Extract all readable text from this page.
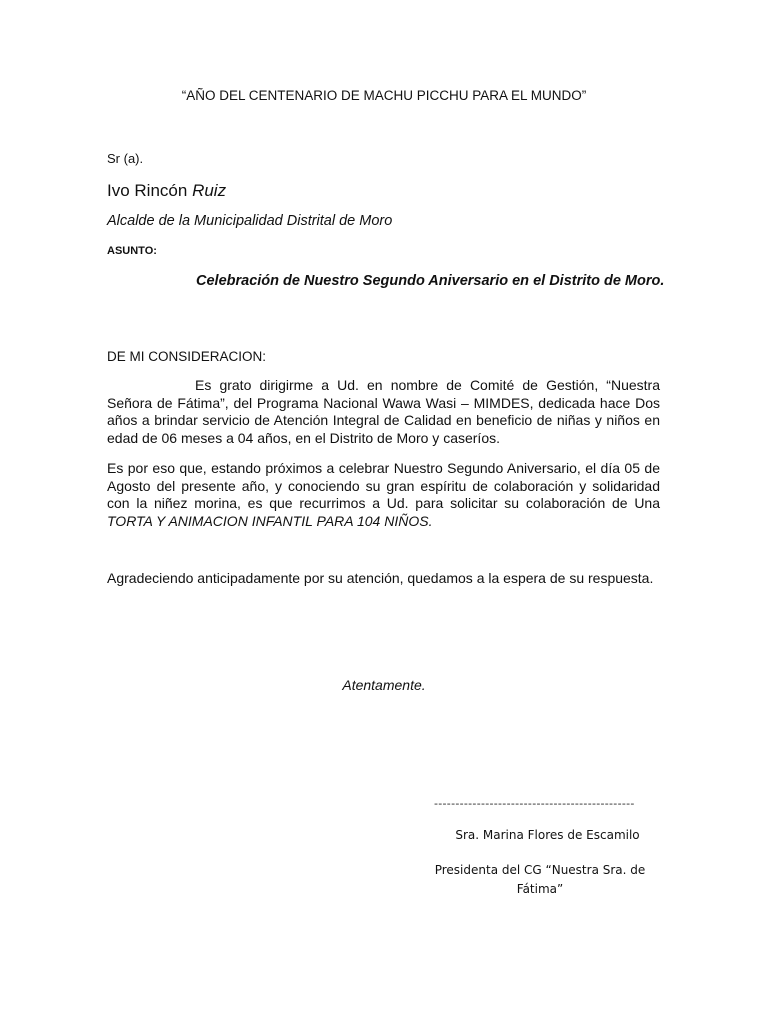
“AÑO DEL CENTENARIO DE MACHU PICCHU PARA EL MUNDO”

Sr (a).

Ivo Rincón Ruiz

Alcalde de la Municipalidad Distrital de Moro

ASUNTO:

Celebración de Nuestro Segundo Aniversario en el Distrito de Moro.

DE MI CONSIDERACION:

Es grato dirigirme a Ud. en nombre de Comité de Gestión, “Nuestra Señora de Fátima”, del Programa Nacional Wawa Wasi – MIMDES, dedicada hace Dos años a brindar servicio de Atención Integral de Calidad en beneficio de niñas y niños en edad de 06 meses a 04 años, en el Distrito de Moro y caseríos.

Es por eso que, estando próximos a celebrar Nuestro Segundo Aniversario, el día 05 de Agosto del presente año, y conociendo su gran espíritu de colaboración y solidaridad con la niñez morina, es que recurrimos a Ud. para solicitar su colaboración de Una TORTA Y ANIMACION INFANTIL PARA 104 NIÑOS.

Agradeciendo anticipadamente por su atención, quedamos a la espera de su respuesta.

Atentamente.

-----------------------------------------------

Sra. Marina Flores de Escamilo

Presidenta del CG “Nuestra Sra. de Fátima”
